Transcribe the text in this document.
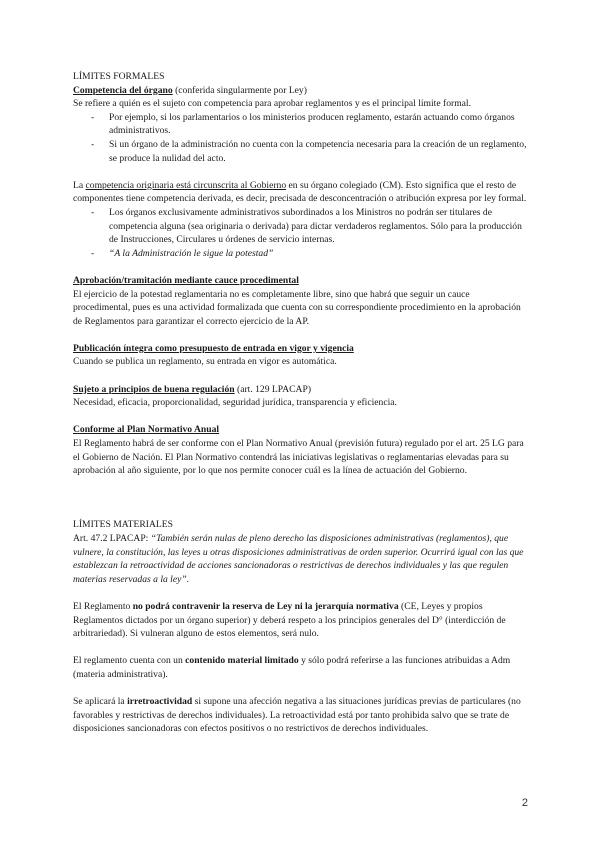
LÍMITES FORMALES

Competencia del órgano (conferida singularmente por Ley)

Se refiere a quién es el sujeto con competencia para aprobar reglamentos y es el principal límite formal.

- Por ejemplo, si los parlamentarios o los ministerios producen reglamento, estarán actuando como órganos administrativos.
- Si un órgano de la administración no cuenta con la competencia necesaria para la creación de un reglamento, se produce la nulidad del acto.

La competencia originaria está circunscrita al Gobierno en su órgano colegiado (CM). Esto significa que el resto de componentes tiene competencia derivada, es decir, precisada de desconcentración o atribución expresa por ley formal.

- Los órganos exclusivamente administrativos subordinados a los Ministros no podrán ser titulares de competencia alguna (sea originaria o derivada) para dictar verdaderos reglamentos. Sólo para la producción de Instrucciones, Circulares u órdenes de servicio internas.
- “A la Administración le sigue la potestad”

Aprobación/tramitación mediante cauce procedimental

El ejercicio de la potestad reglamentaria no es completamente libre, sino que habrá que seguir un cauce procedimental, pues es una actividad formalizada que cuenta con su correspondiente procedimiento en la aprobación de Reglamentos para garantizar el correcto ejercicio de la AP.

Publicación íntegra como presupuesto de entrada en vigor y vigencia

Cuando se publica un reglamento, su entrada en vigor es automática.

Sujeto a principios de buena regulación (art. 129 LPACAP)

Necesidad, eficacia, proporcionalidad, seguridad jurídica, transparencia y eficiencia.

Conforme al Plan Normativo Anual

El Reglamento habrá de ser conforme con el Plan Normativo Anual (previsión futura) regulado por el art. 25 LG para el Gobierno de Nación. El Plan Normativo contendrá las iniciativas legislativas o reglamentarias elevadas para su aprobación al año siguiente, por lo que nos permite conocer cuál es la línea de actuación del Gobierno.

LÍMITES MATERIALES

Art. 47.2 LPACAP: “También serán nulas de pleno derecho las disposiciones administrativas (reglamentos), que vulnere, la constitución, las leyes u otras disposiciones administrativas de orden superior. Ocurrirá igual con las que establezcan la retroactividad de acciones sancionadoras o restrictivas de derechos individuales y las que regulen materias reservadas a la ley”.

El Reglamento no podrá contravenir la reserva de Ley ni la jerarquía normativa (CE, Leyes y propios Reglamentos dictados por un órgano superior) y deberá respeto a los principios generales del D° (interdicción de arbitrariedad). Si vulneran alguno de estos elementos, será nulo.

El reglamento cuenta con un contenido material limitado y sólo podrá referirse a las funciones atribuidas a Adm (materia administrativa).

Se aplicará la irretroactividad si supone una afección negativa a las situaciones jurídicas previas de particulares (no favorables y restrictivas de derechos individuales). La retroactividad está por tanto prohibida salvo que se trate de disposiciones sancionadoras con efectos positivos o no restrictivos de derechos individuales.

2
